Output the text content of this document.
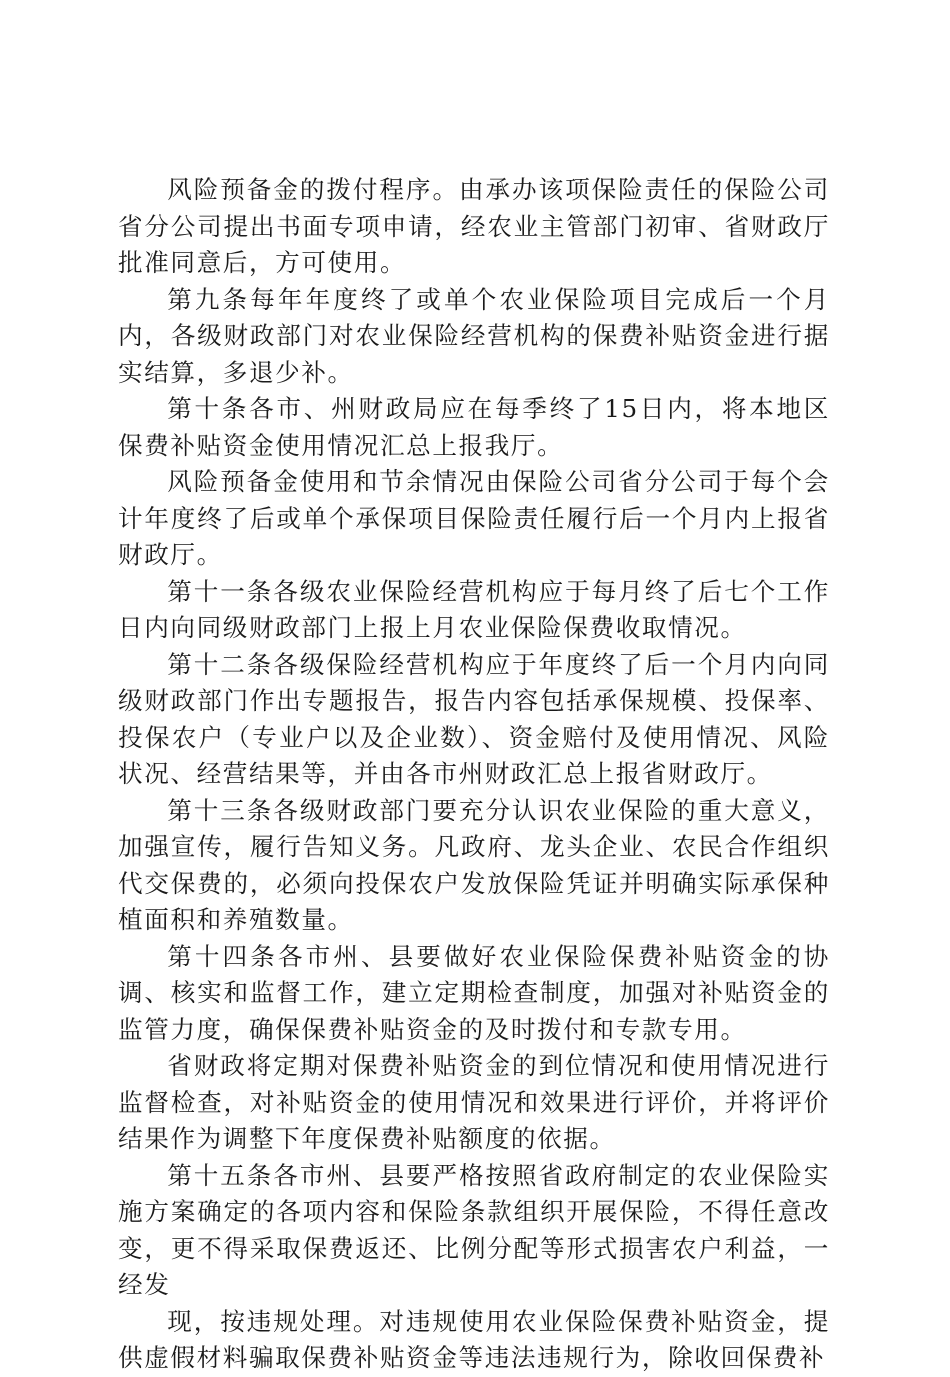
风险预备金的拨付程序。由承办该项保险责任的保险公司省分公司提出书面专项申请，经农业主管部门初审、省财政厅批准同意后，方可使用。

第九条每年年度终了或单个农业保险项目完成后一个月内，各级财政部门对农业保险经营机构的保费补贴资金进行据实结算，多退少补。

第十条各市、州财政局应在每季终了15日内，将本地区保费补贴资金使用情况汇总上报我厅。

风险预备金使用和节余情况由保险公司省分公司于每个会计年度终了后或单个承保项目保险责任履行后一个月内上报省财政厅。

第十一条各级农业保险经营机构应于每月终了后七个工作日内向同级财政部门上报上月农业保险保费收取情况。

第十二条各级保险经营机构应于年度终了后一个月内向同级财政部门作出专题报告，报告内容包括承保规模、投保率、投保农户（专业户以及企业数）、资金赔付及使用情况、风险状况、经营结果等，并由各市州财政汇总上报省财政厅。

第十三条各级财政部门要充分认识农业保险的重大意义，加强宣传，履行告知义务。凡政府、龙头企业、农民合作组织代交保费的，必须向投保农户发放保险凭证并明确实际承保种植面积和养殖数量。

第十四条各市州、县要做好农业保险保费补贴资金的协调、核实和监督工作，建立定期检查制度，加强对补贴资金的监管力度，确保保费补贴资金的及时拨付和专款专用。

省财政将定期对保费补贴资金的到位情况和使用情况进行监督检查，对补贴资金的使用情况和效果进行评价，并将评价结果作为调整下年度保费补贴额度的依据。

第十五条各市州、县要严格按照省政府制定的农业保险实施方案确定的各项内容和保险条款组织开展保险，不得任意改变，更不得采取保费返还、比例分配等形式损害农户利益，一经发

现，按违规处理。对违规使用农业保险保费补贴资金，提供虚假材料骗取保费补贴资金等违法违规行为，除收回保费补
